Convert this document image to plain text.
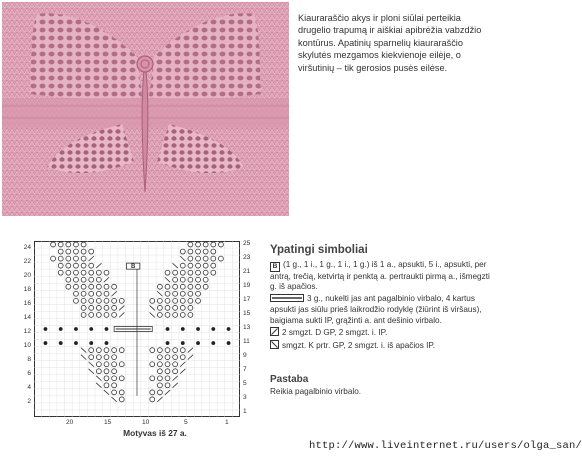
Kiauraraščio akys ir ploni siūlai perteikia drugelio trapumą ir aiškiai apibrėžia vabzdžio kontūrus. Apatinių sparnelių kiauraraščio skylutės mezgamos kiekvienoje eilėje, o viršutinių – tik gerosios pusės eilėse.
B
24
22
20
18
16
14
12
10
8
6
4
2
25
23
21
19
17
15
13
11
9
7
5
3
1
20	15	10	5	1
Motyvas iš 27 a.
Ypatingi simboliai
B (1 g., 1 i., 1 g., 1 i., 1 g.) iš 1 a., apsukti, 5 i., apsukti, per antrą, trečią, ketvirtą ir penktą a. pertraukti pirmą a., išmegzti g. iš apačios.
3 g., nukelti jas ant pagalbinio virbalo, 4 kartus apsukti jas siūlu prieš laikrodžio rodyklę (žiūrint iš viršaus), baigiama sukti IP, grąžinti a. ant dešinio virbalo.
2 smgzt. D GP, 2 smgzt. i. IP.
smgzt. K prtr. GP, 2 smgzt. i. iš apačios IP.
Pastaba
Reikia pagalbinio virbalo.
http://www.liveinternet.ru/users/olga_san/
